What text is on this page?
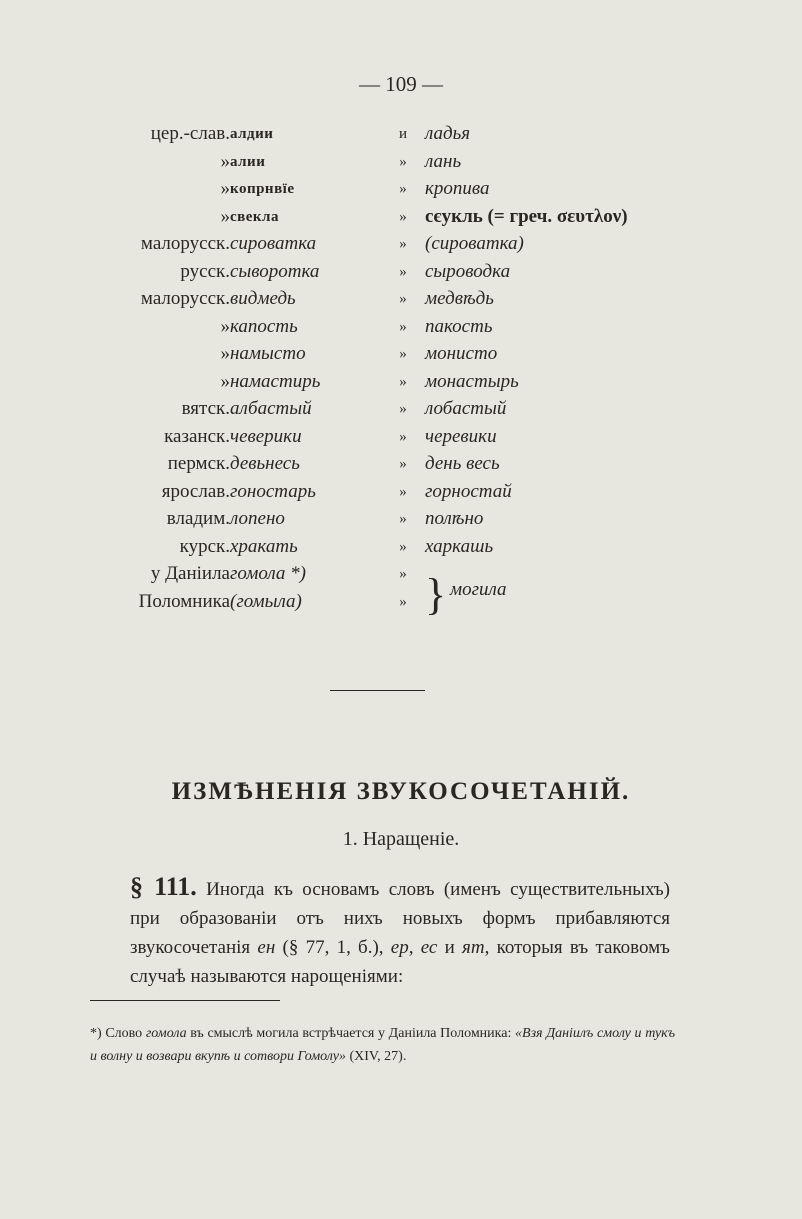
— 109 —
цер.-слав. алдии	и ладья
» алии	» лань
» копрнвїе	» кропива
» свекла	» сєукль (= греч. σευτλον)
малорусск. сироватка	» (сироватка)
русск. сыворотка	» сыроводка
малорусск. видмедь	» медвѣдь
» капость	» пакость
» намысто	» монисто
» намастирь	» монастырь
вятск. албастый	» лобастый
казанск. чеверики	» черевики
пермск. девьнесь	» день весь
ярослав. гоностарь	» горностай
владим. лопено	» полѣно
курск. хракать	» харкашь
у Данiила гомола *)	»
Поломника (гомыла)	» } могила
ИЗМѢНЕНIЯ ЗВУКОСОЧЕТАНIЙ.
1. Наращенiе.
§ 111. Иногда къ основамъ словъ (именъ существительныхъ) при образованiи отъ нихъ новыхъ формъ прибавляются звукосочетанiя ен (§ 77, 1, б.), ер, ес и ят, которыя въ таковомъ случаѣ называются нарощенiями:
*) Слово гомола въ смыслѣ могила встрѣчается у Данiила Поломника: «Взя Данiилъ смолу и тукъ и волну и возвари вкупѣ и сотвори Гомолу» (XIV, 27).
